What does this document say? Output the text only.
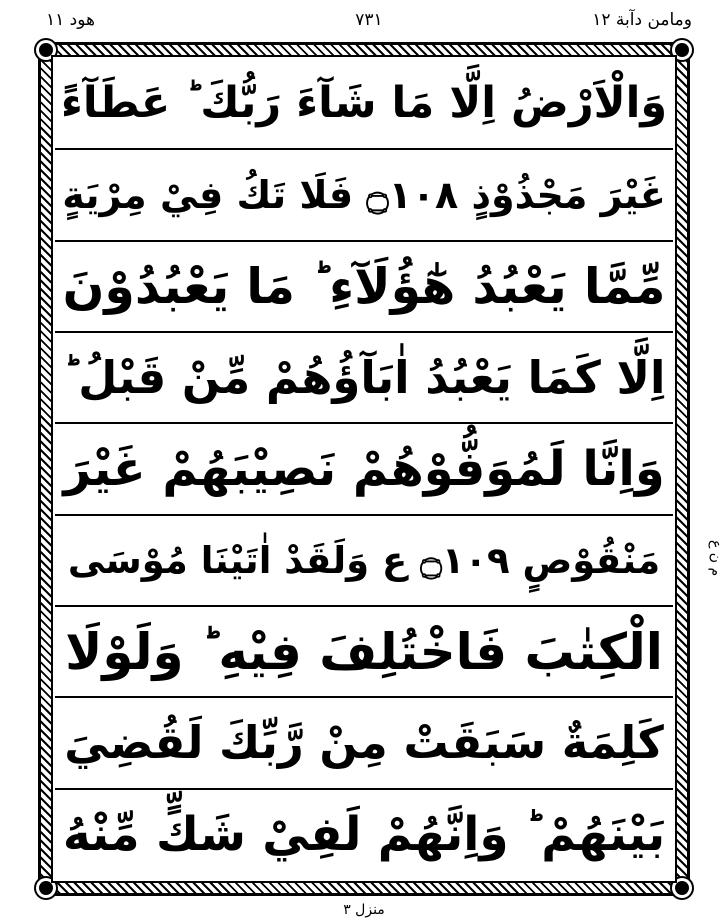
ومامن دآبة ۱۲
۷۳۱
ھود ۱۱
وَالْاَرْضُ اِلَّا مَا شَآءَ رَبُّكَ ؕ عَطَآءً
غَيْرَ مَجْذُوْذٍ ۝١٠٨ فَلَا تَكُ فِيْ مِرْيَةٍ
مِّمَّا يَعْبُدُ هٰٓؤُلَآءِ ؕ مَا يَعْبُدُوْنَ
اِلَّا كَمَا يَعْبُدُ اٰبَآؤُهُمْ مِّنْ قَبْلُ ؕ
وَاِنَّا لَمُوَفُّوْهُمْ نَصِيْبَهُمْ غَيْرَ
مَنْقُوْصٍ ۝١٠٩ ع وَلَقَدْ اٰتَيْنَا مُوْسَى
الْكِتٰبَ فَاخْتُلِفَ فِيْهِ ؕ وَلَوْلَا
كَلِمَةٌ سَبَقَتْ مِنْ رَّبِّكَ لَقُضِيَ
بَيْنَهُمْ ؕ وَاِنَّهُمْ لَفِيْ شَكٍّ مِّنْهُ
م ن ع
منزل ۳
